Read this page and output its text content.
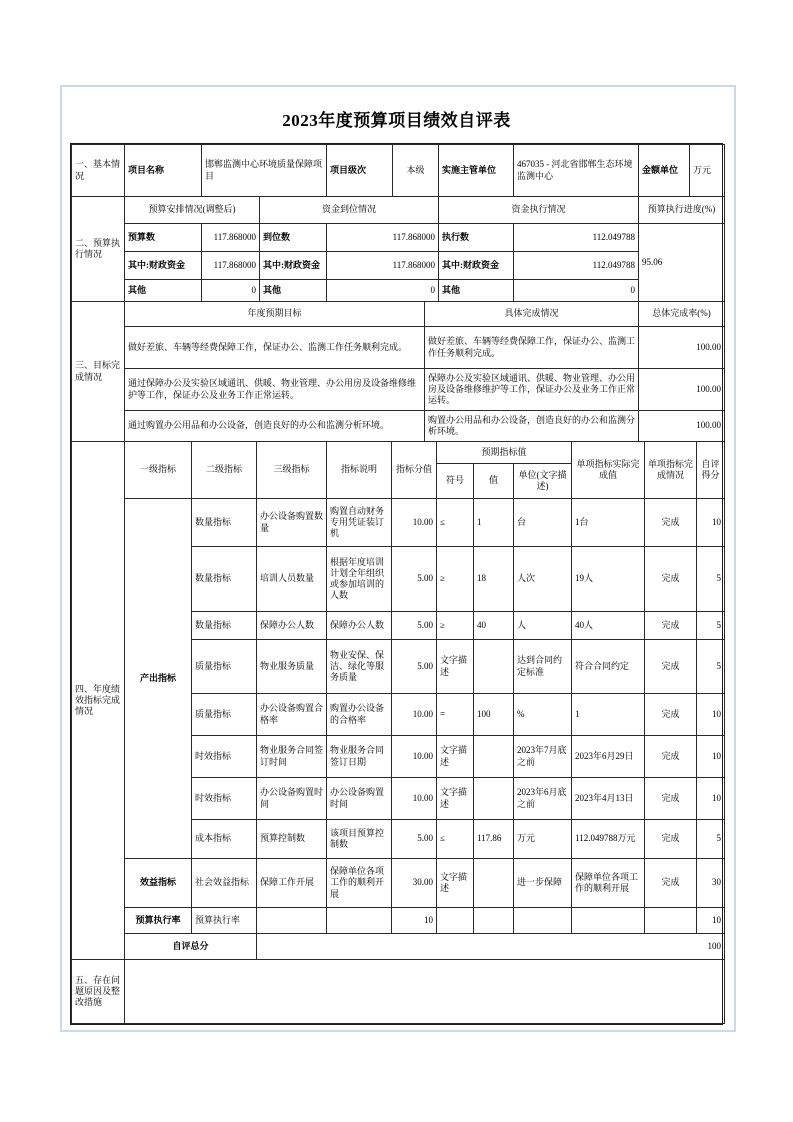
2023年度预算项目绩效自评表
一、基本情况	项目名称	邯郸监测中心环境质量保障项目	项目级次	本级	实施主管单位	467035 - 河北省邯郸生态环境监测中心	金额单位	万元
二、预算执行情况	预算安排情况(调整后)		资金到位情况		资金执行情况		预算执行进度(%)
	预算数	117.868000	到位数	117.868000	执行数	112.049788	95.06
	其中:财政资金	117.868000	其中:财政资金	117.868000	其中:财政资金	112.049788	
	其他	0	其他	0	其他	0	
三、目标完成情况	年度预期目标	具体完成情况	总体完成率(%)
	做好差旅、车辆等经费保障工作，保证办公、监测工作任务顺利完成。	做好差旅、车辆等经费保障工作，保证办公、监测工作任务顺利完成。	100.00
	通过保障办公及实验区域通讯、供暖、物业管理、办公用房及设备维修维护等工作，保证办公及业务工作正常运转。	保障办公及实验区域通讯、供暖、物业管理、办公用房及设备维修维护等工作，保证办公及业务工作正常运转。	100.00
	通过购置办公用品和办公设备，创造良好的办公和监测分析环境。	购置办公用品和办公设备，创造良好的办公和监测分析环境。	100.00
四、年度绩效指标完成情况	一级指标	二级指标	三级指标	指标说明	指标分值	预期指标值			单项指标实际完成值	单项指标完成情况	自评得分
						符号	值	单位(文字描述)			
	产出指标	数量指标	办公设备购置数量	购置自动财务专用凭证装订机	10.00	≤	1	台	1台	完成	10
		数量指标	培训人员数量	根据年度培训计划全年组织或参加培训的人数	5.00	≥	18	人次	19人	完成	5
		数量指标	保障办公人数	保障办公人数	5.00	≥	40	人	40人	完成	5
		质量指标	物业服务质量	物业安保、保洁、绿化等服务质量	5.00	文字描述		达到合同约定标准	符合合同约定	完成	5
		质量指标	办公设备购置合格率	购置办公设备的合格率	10.00	=	100	%	1	完成	10
		时效指标	物业服务合同签订时间	物业服务合同签订日期	10.00	文字描述		2023年7月底之前	2023年6月29日	完成	10
		时效指标	办公设备购置时间	办公设备购置时间	10.00	文字描述		2023年6月底之前	2023年4月13日	完成	10
		成本指标	预算控制数	该项目预算控制数	5.00	≤	117.86	万元	112.049788万元	完成	5
	效益指标	社会效益指标	保障工作开展	保障单位各项工作的顺利开展	30.00	文字描述		进一步保障	保障单位各项工作的顺利开展	完成	30
	预算执行率	预算执行率			10						10
	自评总分		100								
五、存在问题原因及整改措施	
